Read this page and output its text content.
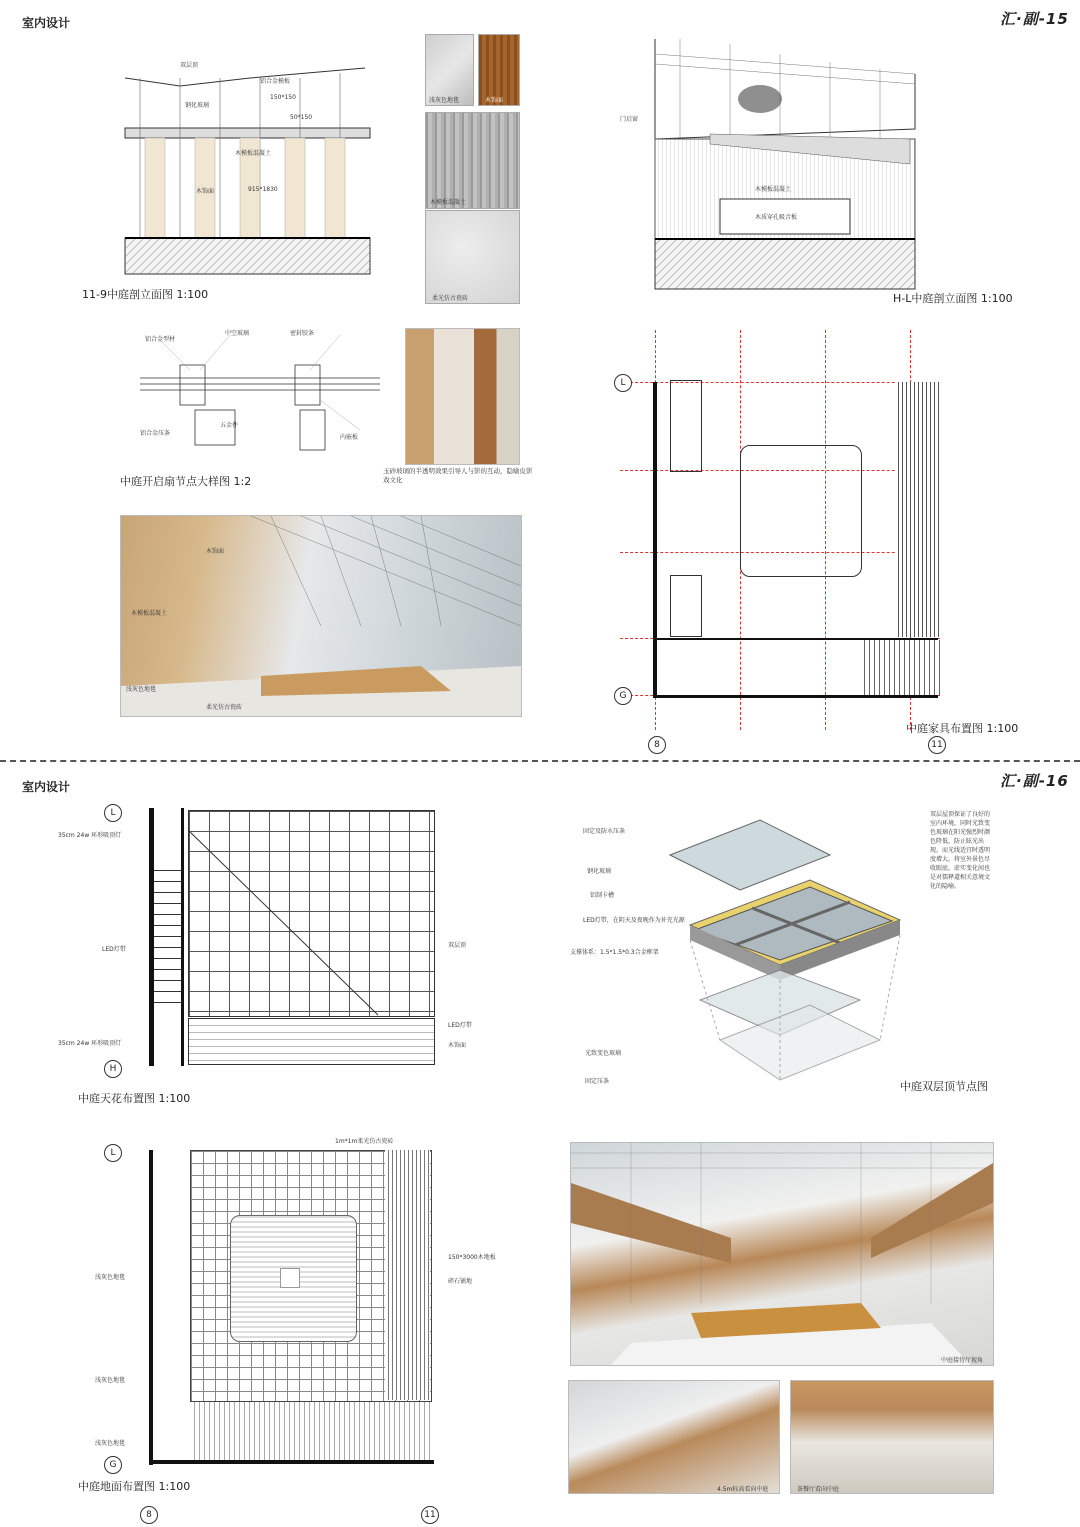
室内设计	汇·副-15
双层顶
铝合金模板
钢化玻璃
150*150
50*150
木模板混凝土
木饰面	915*1830
11-9中庭剖立面图 1:100
浅灰色地毯	木饰面
木模板混凝土
柔光仿古瓷砖
门启窗
木模板混凝土
木质穿孔吸音板
H-L中庭剖立面图 1:100
铝合金型材
中空玻璃	密封胶条
五金件
铝合金压条
内嵌板
中庭开启扇节点大样图 1:2
玉砂玻璃的半透明效果引导人与影的互动，隐喻皮影戏文化
木饰面
木模板混凝土
浅灰色地毯
柔光仿古瓷砖
L
G
8	11
中庭家具布置图 1:100
室内设计	汇·副-16
L
H
35cm 24w 环形吸顶灯
LED灯带
35cm 24w 环形吸顶灯
双层顶
LED灯带
木饰面
中庭天花布置图 1:100
固定及防水压条
钢化玻璃
铝制卡槽
LED灯带，在阴天及夜晚作为补充光源
支撑体系：1.5*1.5*0.3合金框架
光致变色玻璃
固定压条
双层屋顶保证了良好的室内环境，同时光致变色玻璃在阳光强烈时颜色降低，防止眩光出现。而光线适宜时透明度增大。将室外景色尽收眼底。虚实变化间也是对儒释道相关意境文化的隐喻。
中庭双层顶节点图
L
G
8	11
1m*1m柔光仿古瓷砖
150*3000木地板
碎石铺地
浅灰色地毯
浅灰色地毯
浅灰色地毯
中庭地面布置图 1:100
中庭接待厅视角
4.5m标高看向中庭	茶餐厅看向中庭
